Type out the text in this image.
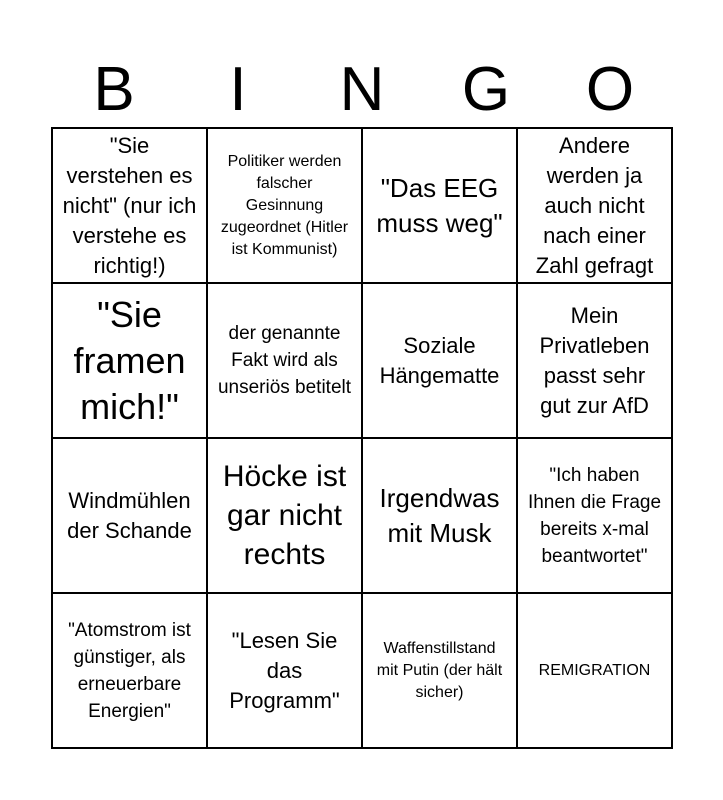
B	I	N	G	O
"Sie verstehen es nicht" (nur ich verstehe es richtig!)
Politiker werden falscher Gesinnung zugeordnet (Hitler ist Kommunist)
"Das EEG muss weg"
Andere werden ja auch nicht nach einer Zahl gefragt
"Sie framen mich!"
der genannte Fakt wird als unseriös betitelt
Soziale Hängematte
Mein Privatleben passt sehr gut zur AfD
Windmühlen der Schande
Höcke ist gar nicht rechts
Irgendwas mit Musk
"Ich haben Ihnen die Frage bereits x-mal beantwortet"
"Atomstrom ist günstiger, als erneuerbare Energien"
"Lesen Sie das Programm"
Waffenstillstand mit Putin (der hält sicher)
REMIGRATION
